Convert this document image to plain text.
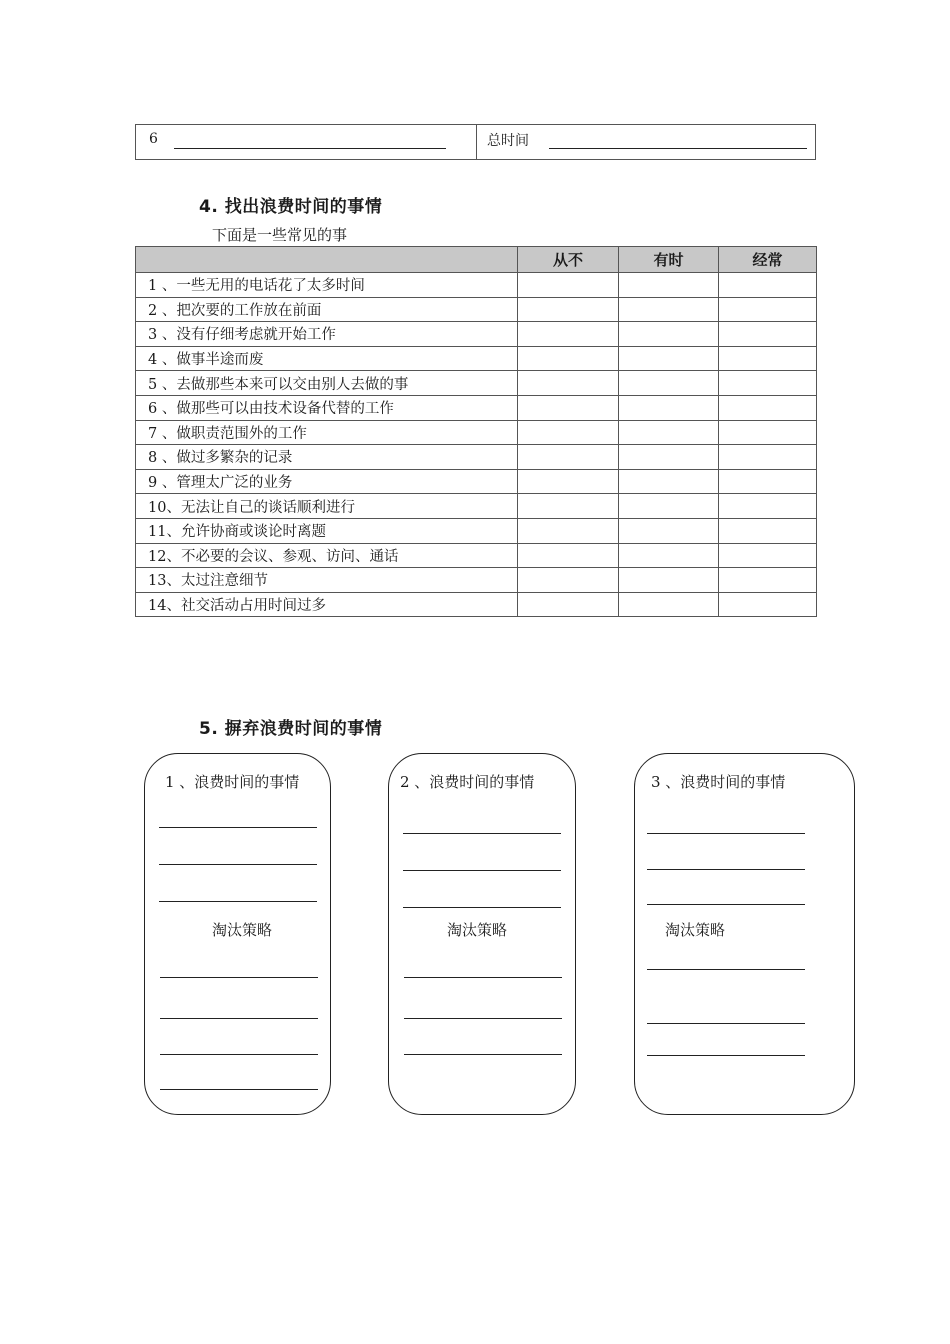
6	总时间
4. 找出浪费时间的事情
下面是一些常见的事
	从不	有时	经常
1 、一些无用的电话花了太多时间			
2 、把次要的工作放在前面			
3 、没有仔细考虑就开始工作			
4 、做事半途而废			
5 、去做那些本来可以交由别人去做的事			
6 、做那些可以由技术设备代替的工作			
7 、做职责范围外的工作			
8 、做过多繁杂的记录			
9 、管理太广泛的业务			
10、无法让自己的谈话顺利进行			
11、允许协商或谈论时离题			
12、不必要的会议、参观、访问、通话			
13、太过注意细节			
14、社交活动占用时间过多			
5. 摒弃浪费时间的事情
1 、浪费时间的事情
淘汰策略
2 、浪费时间的事情
淘汰策略
3 、浪费时间的事情
淘汰策略
